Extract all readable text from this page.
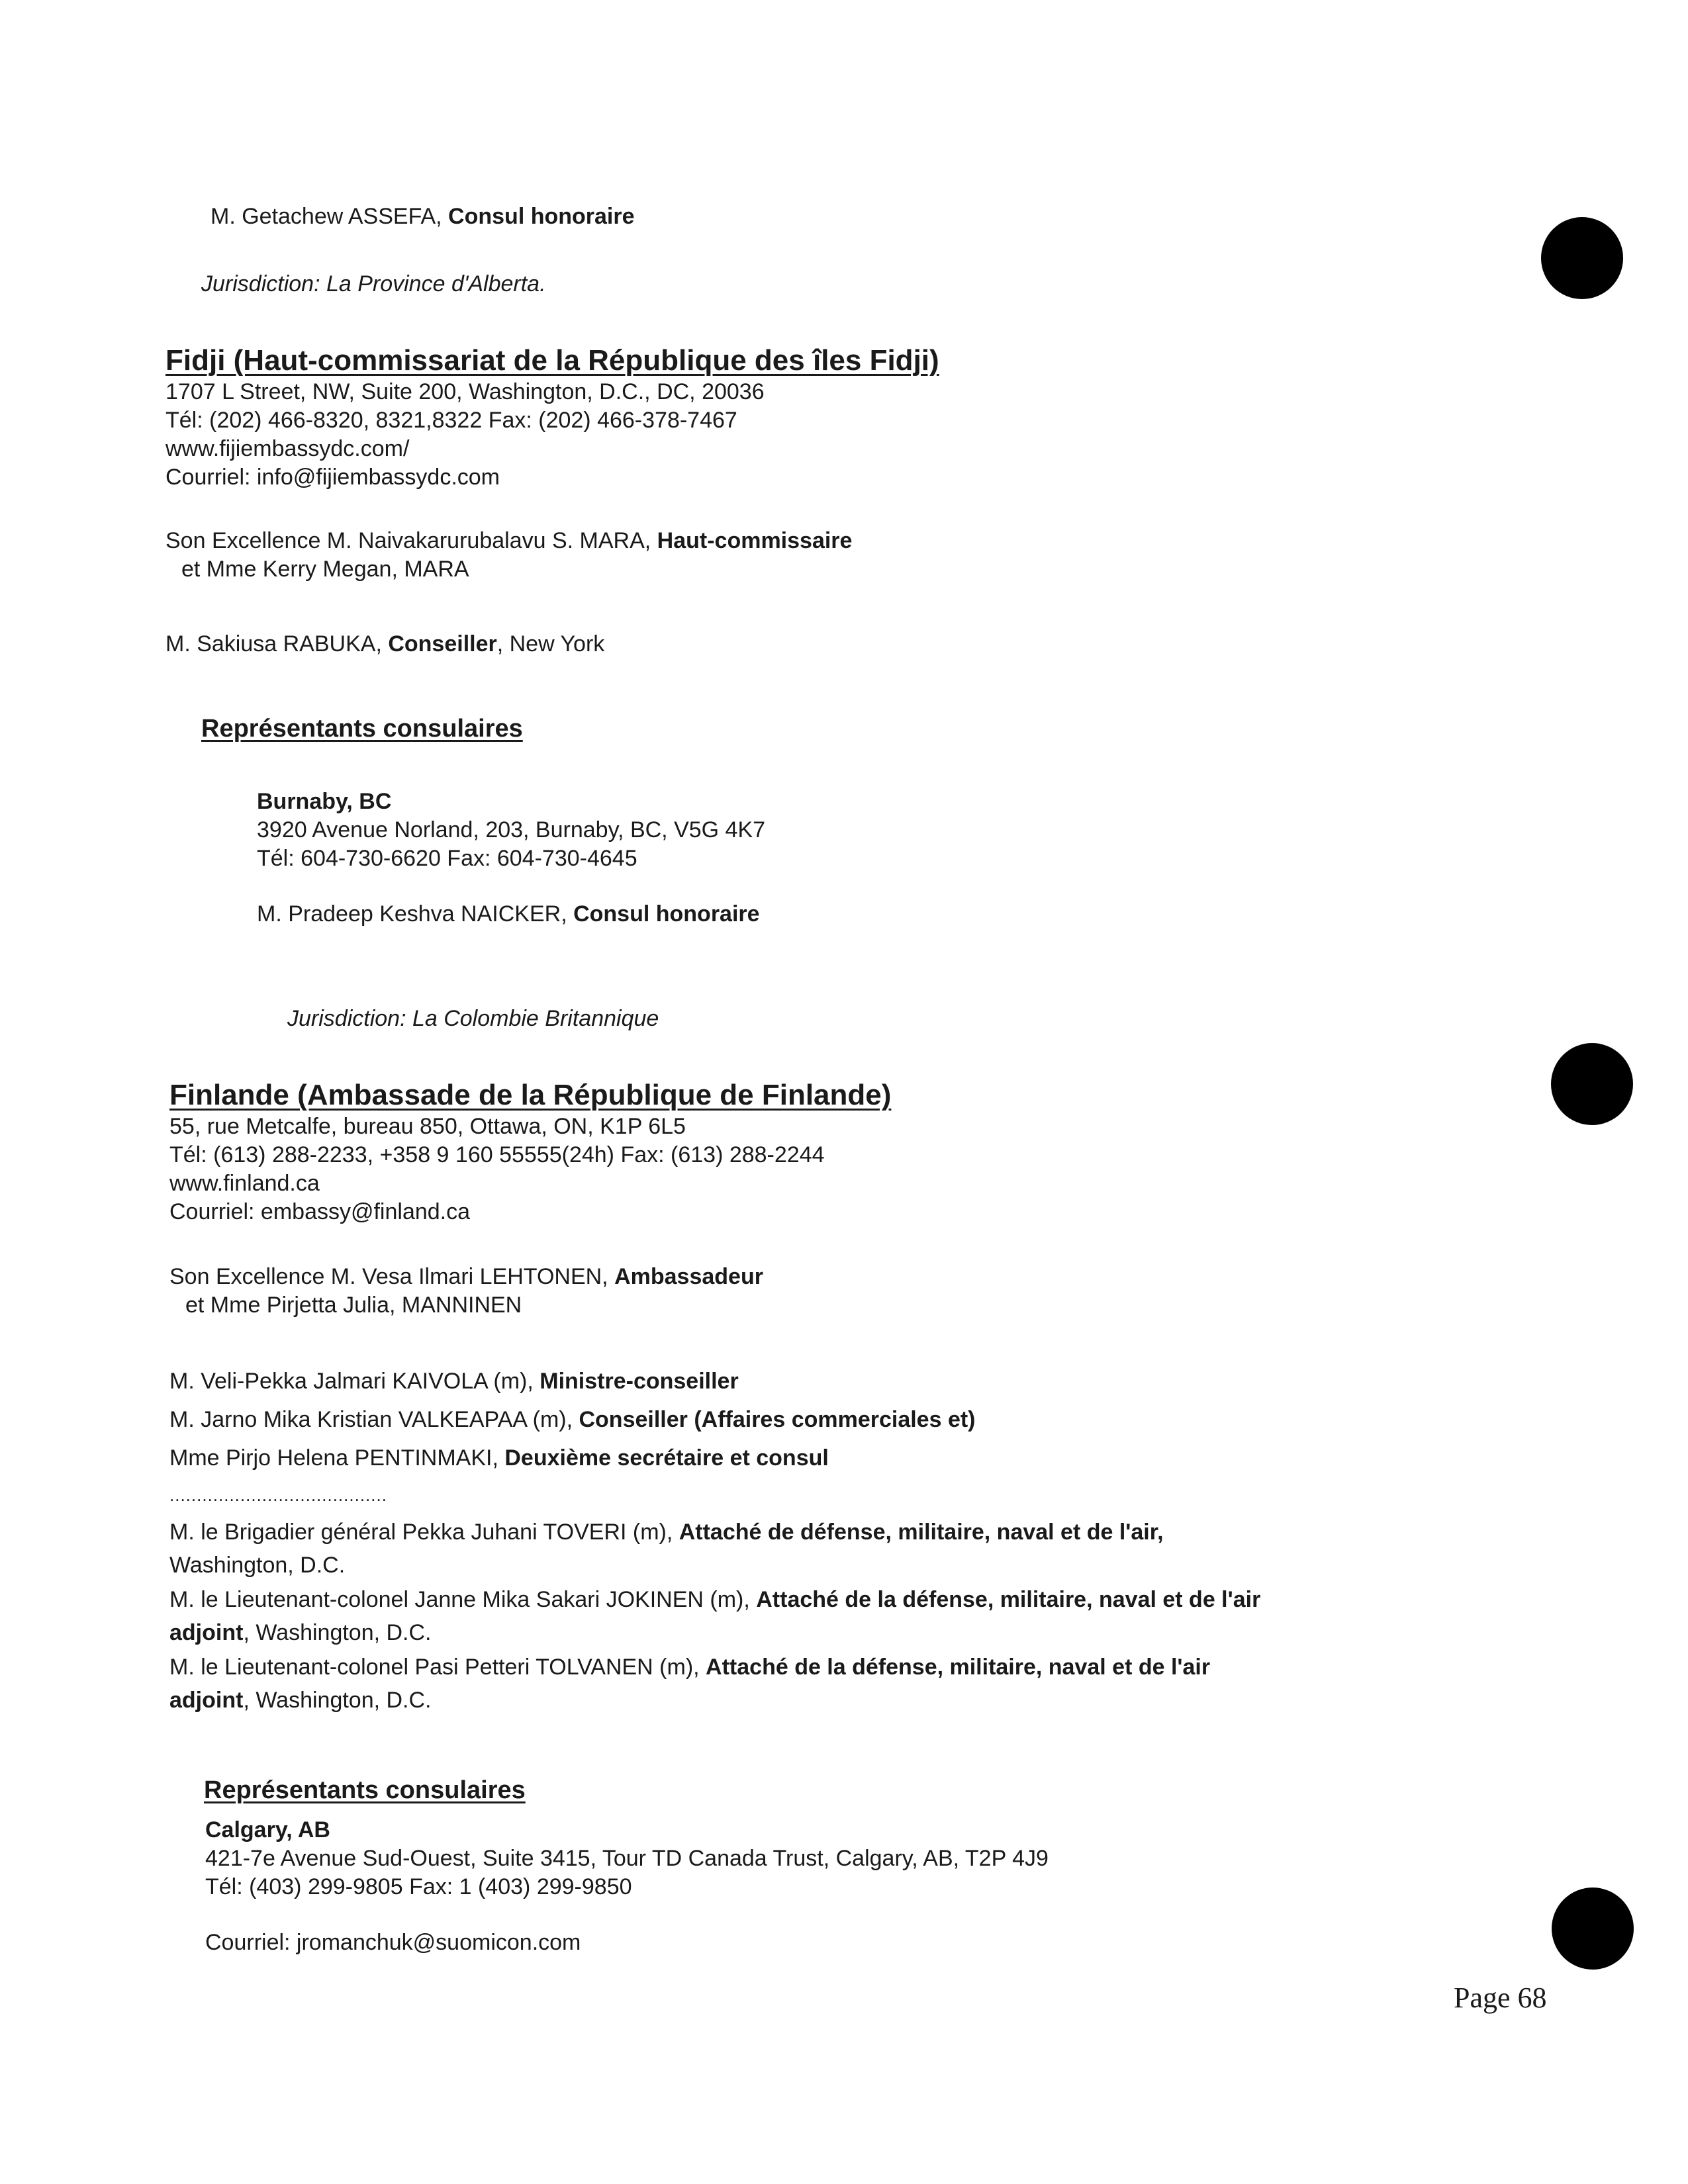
M. Getachew ASSEFA, Consul honoraire
Jurisdiction: La Province d'Alberta.
Fidji (Haut-commissariat de la République des îles Fidji)
1707 L Street, NW, Suite 200, Washington, D.C., DC, 20036
Tél: (202) 466-8320, 8321,8322 Fax: (202) 466-378-7467
www.fijiembassydc.com/
Courriel: info@fijiembassydc.com
Son Excellence M. Naivakarurubalavu S. MARA, Haut-commissaire
et Mme Kerry Megan, MARA
M. Sakiusa RABUKA, Conseiller, New York
Représentants consulaires
Burnaby, BC
3920 Avenue Norland, 203, Burnaby, BC, V5G 4K7
Tél: 604-730-6620 Fax: 604-730-4645
M. Pradeep Keshva NAICKER, Consul honoraire
Jurisdiction: La Colombie Britannique
Finlande (Ambassade de la République de Finlande)
55, rue Metcalfe, bureau 850, Ottawa, ON, K1P 6L5
Tél: (613) 288-2233, +358 9 160 55555(24h) Fax: (613) 288-2244
www.finland.ca
Courriel: embassy@finland.ca
Son Excellence M. Vesa Ilmari LEHTONEN, Ambassadeur
et Mme Pirjetta Julia, MANNINEN
M. Veli-Pekka Jalmari KAIVOLA (m), Ministre-conseiller
M. Jarno Mika Kristian VALKEAPAA (m), Conseiller (Affaires commerciales et)
Mme Pirjo Helena PENTINMAKI, Deuxième secrétaire et consul
........................................
M. le Brigadier général Pekka Juhani TOVERI (m), Attaché de défense, militaire, naval et de l'air,
Washington, D.C.
M. le Lieutenant-colonel Janne Mika Sakari JOKINEN (m), Attaché de la défense, militaire, naval et de l'air
adjoint, Washington, D.C.
M. le Lieutenant-colonel Pasi Petteri TOLVANEN (m), Attaché de la défense, militaire, naval et de l'air
adjoint, Washington, D.C.
Représentants consulaires
Calgary, AB
421-7e Avenue Sud-Ouest, Suite 3415, Tour TD Canada Trust, Calgary, AB, T2P 4J9
Tél: (403) 299-9805 Fax: 1 (403) 299-9850
Courriel: jromanchuk@suomicon.com
Page 68
